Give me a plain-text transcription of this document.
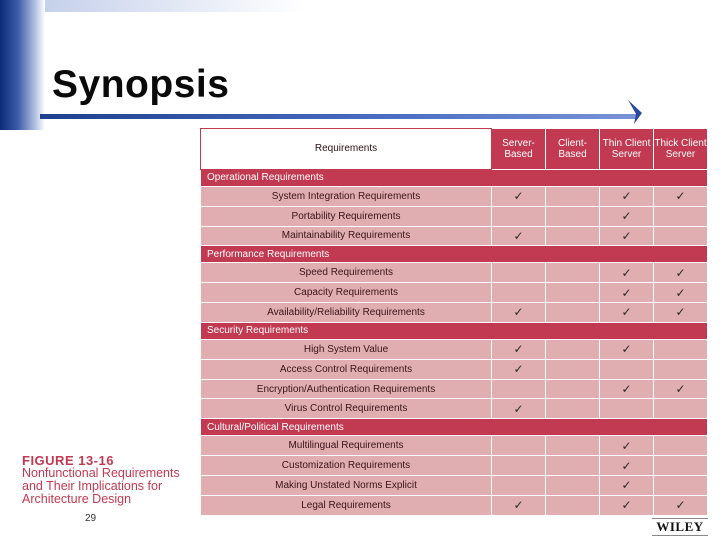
Synopsis
Requirements	Server-Based	Client-Based	Thin Client Server	Thick Client Server
Operational Requirements				
System Integration Requirements	✓		✓	✓
Portability Requirements			✓	
Maintainability Requirements	✓		✓	
Performance Requirements				
Speed Requirements			✓	✓
Capacity Requirements			✓	✓
Availability/Reliability Requirements	✓		✓	✓
Security Requirements				
High System Value	✓		✓	
Access Control Requirements	✓			
Encryption/Authentication Requirements			✓	✓
Virus Control Requirements	✓			
Cultural/Political Requirements				
Multilingual Requirements			✓	
Customization Requirements			✓	
Making Unstated Norms Explicit			✓	
Legal Requirements	✓		✓	✓
FIGURE 13-16
Nonfunctional Requirements and Their Implications for Architecture Design
29
WILEY
